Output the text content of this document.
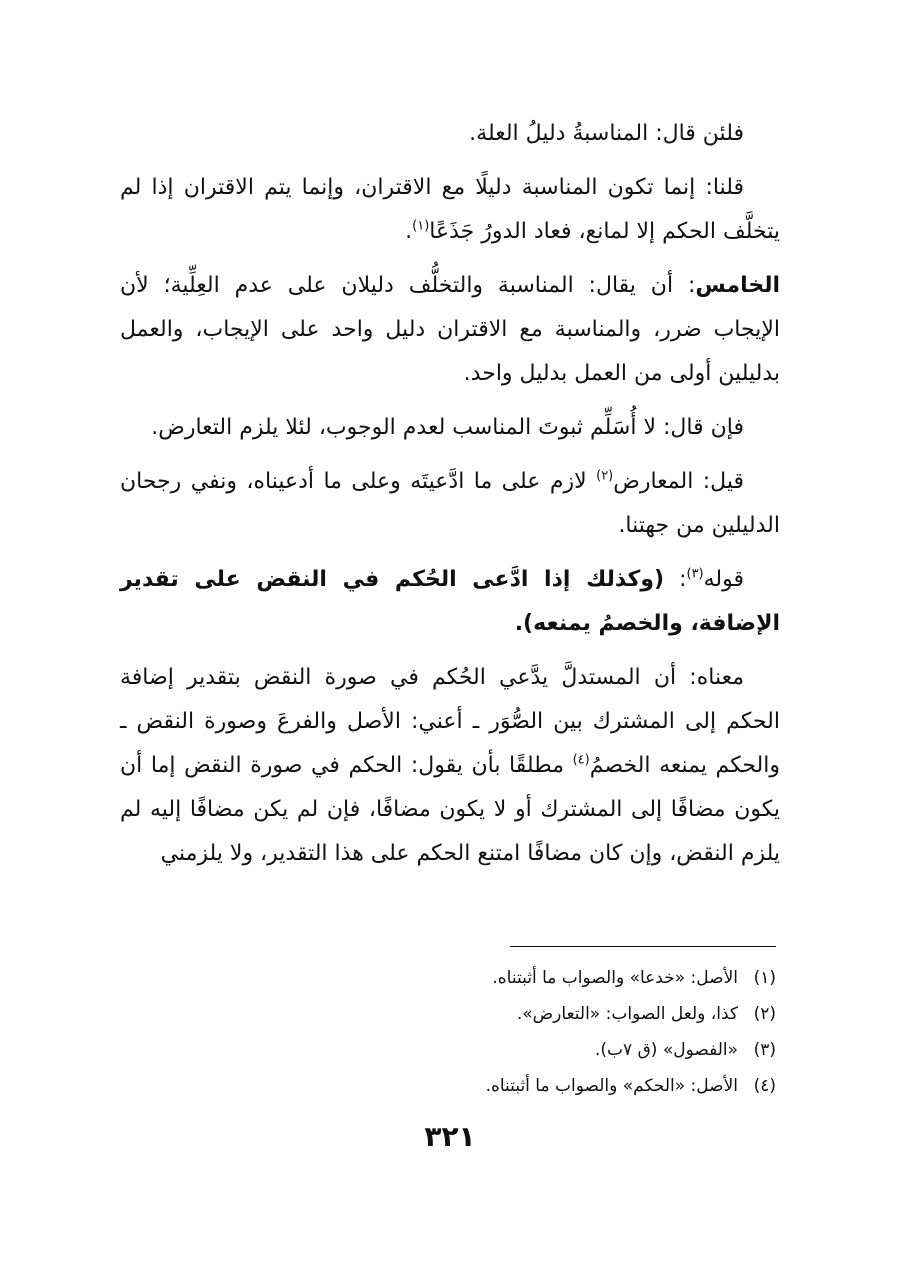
فلئن قال: المناسبةُ دليلُ العلة.

قلنا: إنما تكون المناسبة دليلًا مع الاقتران، وإنما يتم الاقتران إذا لم يتخلَّف الحكم إلا لمانع، فعاد الدورُ جَذَعًا$^{(١)}$.

الخامس: أن يقال: المناسبة والتخلُّف دليلان على عدم العِلِّية؛ لأن الإيجاب ضرر، والمناسبة مع الاقتران دليل واحد على الإيجاب، والعمل بدليلين أولى من العمل بدليل واحد.

فإن قال: لا أُسَلِّم ثبوتَ المناسب لعدم الوجوب، لئلا يلزم التعارض.

قيل: المعارض$^{(٢)}$ لازم على ما ادَّعيتَه وعلى ما أدعيناه، ونفي رجحان الدليلين من جهتنا.

قوله$^{(٣)}$: (وكذلك إذا ادَّعى الحُكم في النقض على تقدير الإضافة، والخصمُ يمنعه).

معناه: أن المستدلَّ يدَّعي الحُكم في صورة النقض بتقدير إضافة الحكم إلى المشترك بين الصُّوَر ـ أعني: الأصل والفرعَ وصورة النقض ـ والحكم يمنعه الخصمُ$^{(٤)}$ مطلقًا بأن يقول: الحكم في صورة النقض إما أن يكون مضافًا إلى المشترك أو لا يكون مضافًا، فإن لم يكن مضافًا إليه لم يلزم النقض، وإن كان مضافًا امتنع الحكم على هذا التقدير، ولا يلزمني

(١)الأصل: «خدعا» والصواب ما أثبتناه.
(٢)كذا، ولعل الصواب: «التعارض».
(٣)«الفصول» (ق ٧ب).
(٤)الأصل: «الحكم» والصواب ما أثبتناه.
٣٢١
